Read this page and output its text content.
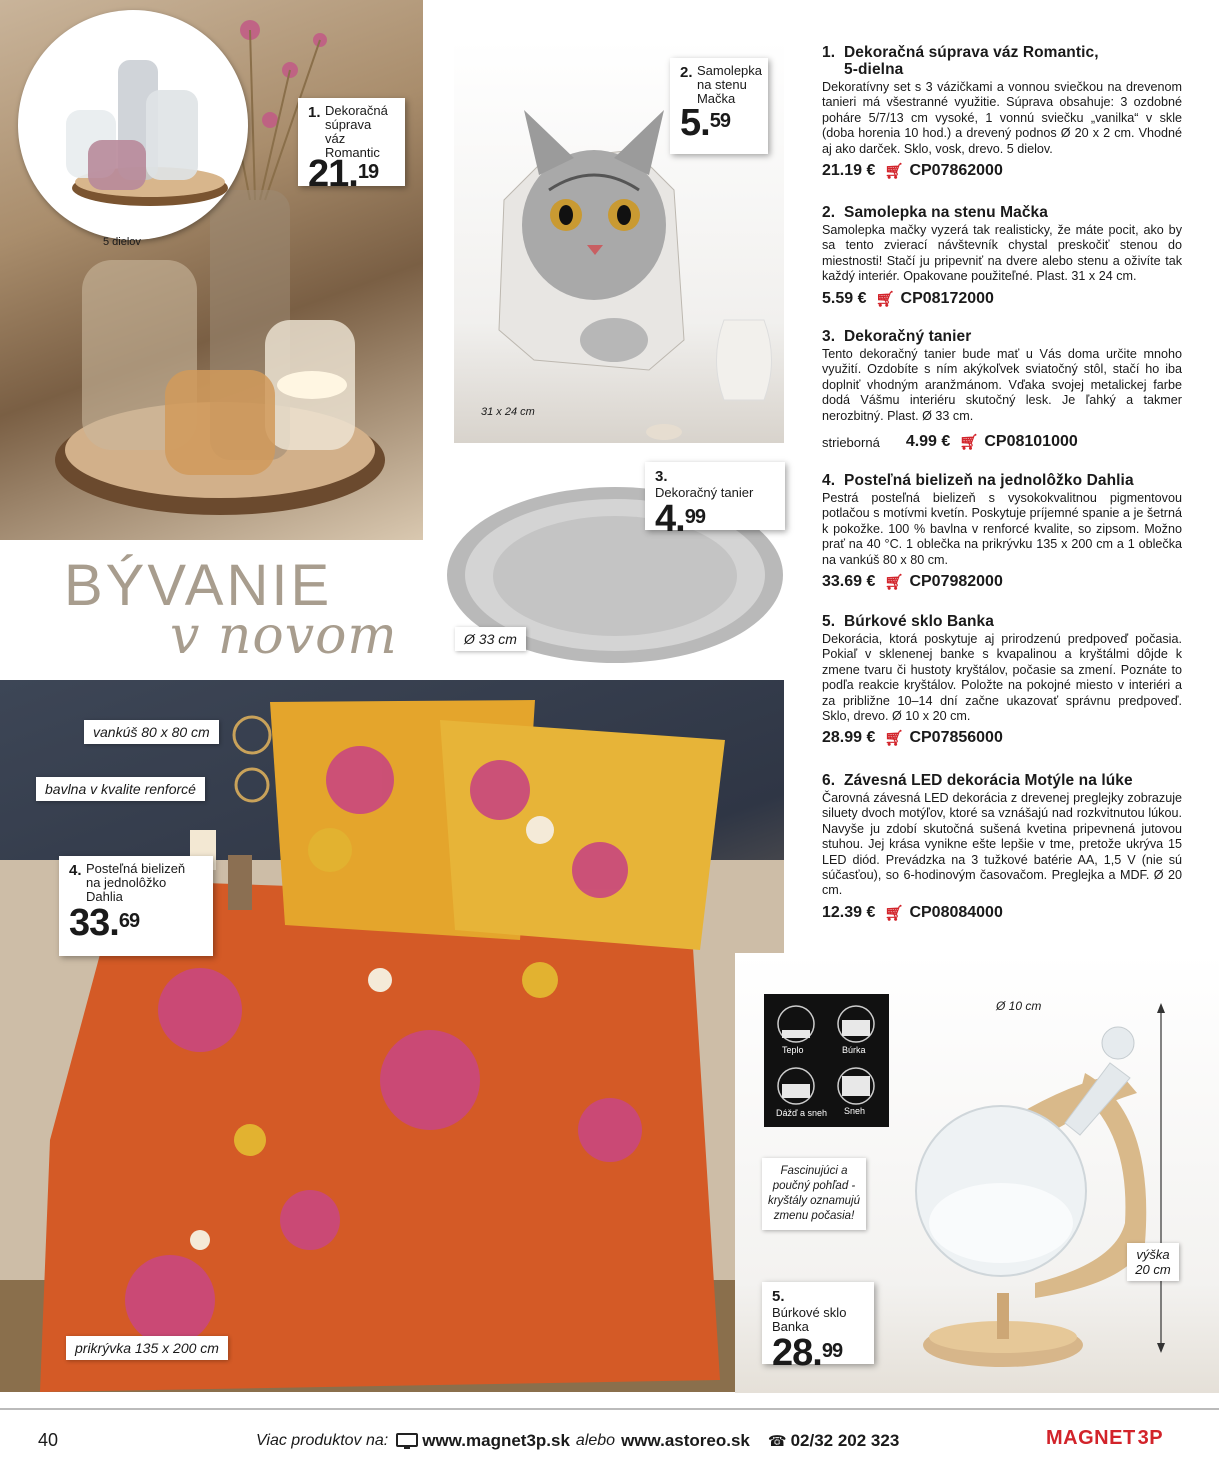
5 dielov
31 x 24 cm
Ø 33 cm
vankúš 80 x 80 cm
bavlna v kvalite renforcé
prikrývka 135 x 200 cm
Teplo	Búrka
Dážď a sneh Sneh
Ø 10 cm
výška 20 cm
Fascinujúci a poučný pohľad - kryštály oznamujú zmenu počasia!
1. Dekoračná súprava váz Romantic
21.19
2. Samolepka na stenu Mačka
5.59
3. Dekoračný tanier
4.99
4. Posteľná bielizeň na jednolôžko Dahlia
33.69
5. Búrkové sklo Banka
28.99
BÝVANIE
v novom
1. Dekoračná súprava váz Romantic,
5-dielna

Dekoratívny set s 3 vázičkami a vonnou sviečkou na drevenom tanieri má všestranné využitie. Súprava obsahuje: 3 ozdobné poháre 5/7/13 cm vysoké, 1 vonnú sviečku „vanilka“ v skle (doba horenia 10 hod.) a drevený podnos Ø 20 x 2 cm. Vhodné aj ako darček. Sklo, vosk, drevo. 5 dielov.

21.19 € 🛒︎ CP07862000
2. Samolepka na stenu Mačka

Samolepka mačky vyzerá tak realisticky, že máte pocit, ako by sa tento zvierací návštevník chystal preskočiť stenou do miestnosti! Stačí ju pripevniť na dvere alebo stenu a oživíte tak každý interiér. Opakovane použiteľné. Plast. 31 x 24 cm.

5.59 € 🛒︎ CP08172000
3. Dekoračný tanier

Tento dekoračný tanier bude mať u Vás doma určite mnoho využití. Ozdobíte s ním akýkoľvek sviatočný stôl, stačí ho iba doplniť vhodným aranžmánom. Vďaka svojej metalickej farbe dodá Vášmu interiéru skutočný lesk. Je ľahký a takmer nerozbitný. Plast. Ø 33 cm.

strieborná 4.99 € 🛒︎ CP08101000
4. Posteľná bielizeň na jednolôžko Dahlia

Pestrá posteľná bielizeň s vysokokvalitnou pigmentovou potlačou s motívmi kvetín. Poskytuje príjemné spanie a je šetrná k pokožke. 100 % bavlna v renforcé kvalite, so zipsom. Možno prať na 40 °C. 1 oblečka na prikrývku 135 x 200 cm a 1 oblečka na vankúš 80 x 80 cm.

33.69 € 🛒︎ CP07982000
5. Búrkové sklo Banka

Dekorácia, ktorá poskytuje aj prirodzenú predpoveď počasia. Pokiaľ v sklenenej banke s kvapalinou a kryštálmi dôjde k zmene tvaru či hustoty kryštálov, počasie sa zmení. Poznáte to podľa reakcie kryštálov. Položte na pokojné miesto v interiéri a za približne 10–14 dní začne ukazovať správnu predpoveď. Sklo, drevo. Ø 10 x 20 cm.

28.99 € 🛒︎ CP07856000
6. Závesná LED dekorácia Motýle na lúke

Čarovná závesná LED dekorácia z drevenej preglejky zobrazuje siluety dvoch motýľov, ktoré sa vznášajú nad rozkvitnutou lúkou. Navyše ju zdobí skutočná sušená kvetina pripevnená jutovou stuhou. Jej krása vynikne ešte lepšie v tme, pretože ukrýva 15 LED diód. Prevádzka na 3 tužkové batérie AA, 1,5 V (nie sú súčasťou), so 6-hodinovým časovačom. Preglejka a MDF. Ø 20 cm.

12.39 € 🛒︎ CP08084000
40	Viac produktov na: www.magnet3p.sk alebo www.astoreo.sk ☎︎ 02/32 202 323	MAGNET 3P
